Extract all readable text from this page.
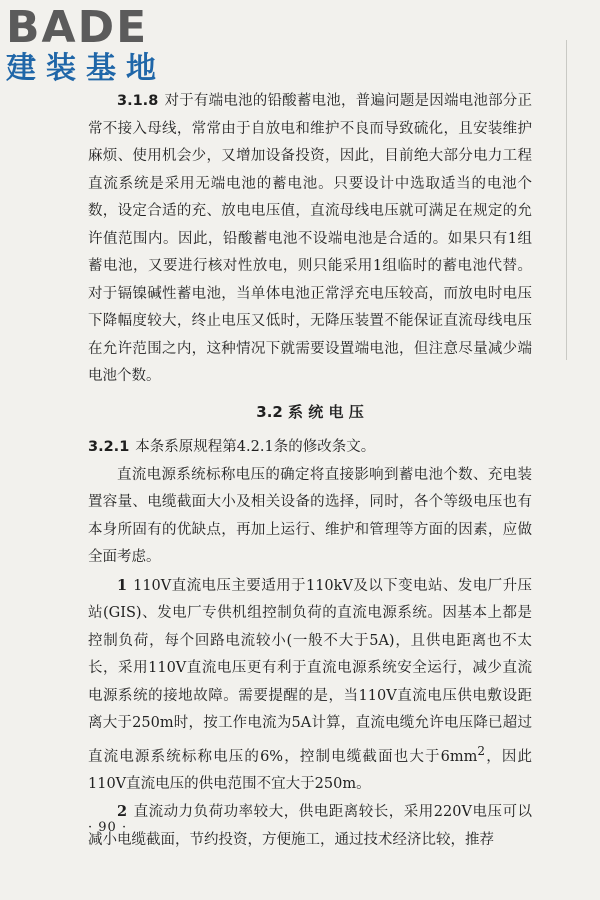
BADE
建装基地

3.1.8 对于有端电池的铅酸蓄电池，普遍问题是因端电池部分正常不接入母线，常常由于自放电和维护不良而导致硫化，且安装维护麻烦、使用机会少，又增加设备投资，因此，目前绝大部分电力工程直流系统是采用无端电池的蓄电池。只要设计中选取适当的电池个数，设定合适的充、放电电压值，直流母线电压就可满足在规定的允许值范围内。因此，铅酸蓄电池不设端电池是合适的。如果只有1组蓄电池，又要进行核对性放电，则只能采用1组临时的蓄电池代替。对于镉镍碱性蓄电池，当单体电池正常浮充电压较高，而放电时电压下降幅度较大，终止电压又低时，无降压装置不能保证直流母线电压在允许范围之内，这种情况下就需要设置端电池，但注意尽量减少端电池个数。

3.2 系 统 电 压

3.2.1 本条系原规程第4.2.1条的修改条文。

直流电源系统标称电压的确定将直接影响到蓄电池个数、充电装置容量、电缆截面大小及相关设备的选择，同时，各个等级电压也有本身所固有的优缺点，再加上运行、维护和管理等方面的因素，应做全面考虑。

1 110V直流电压主要适用于110kV及以下变电站、发电厂升压站(GIS)、发电厂专供机组控制负荷的直流电源系统。因基本上都是控制负荷，每个回路电流较小(一般不大于5A)，且供电距离也不太长，采用110V直流电压更有利于直流电源系统安全运行，减少直流电源系统的接地故障。需要提醒的是，当110V直流电压供电敷设距离大于250m时，按工作电流为5A计算，直流电缆允许电压降已超过直流电源系统标称电压的6%，控制电缆截面也大于$6mm^2$，因此110V直流电压的供电范围不宜大于250m。

2 直流动力负荷功率较大，供电距离较长，采用220V电压可以减小电缆截面，节约投资，方便施工，通过技术经济比较，推荐

· 90 ·
